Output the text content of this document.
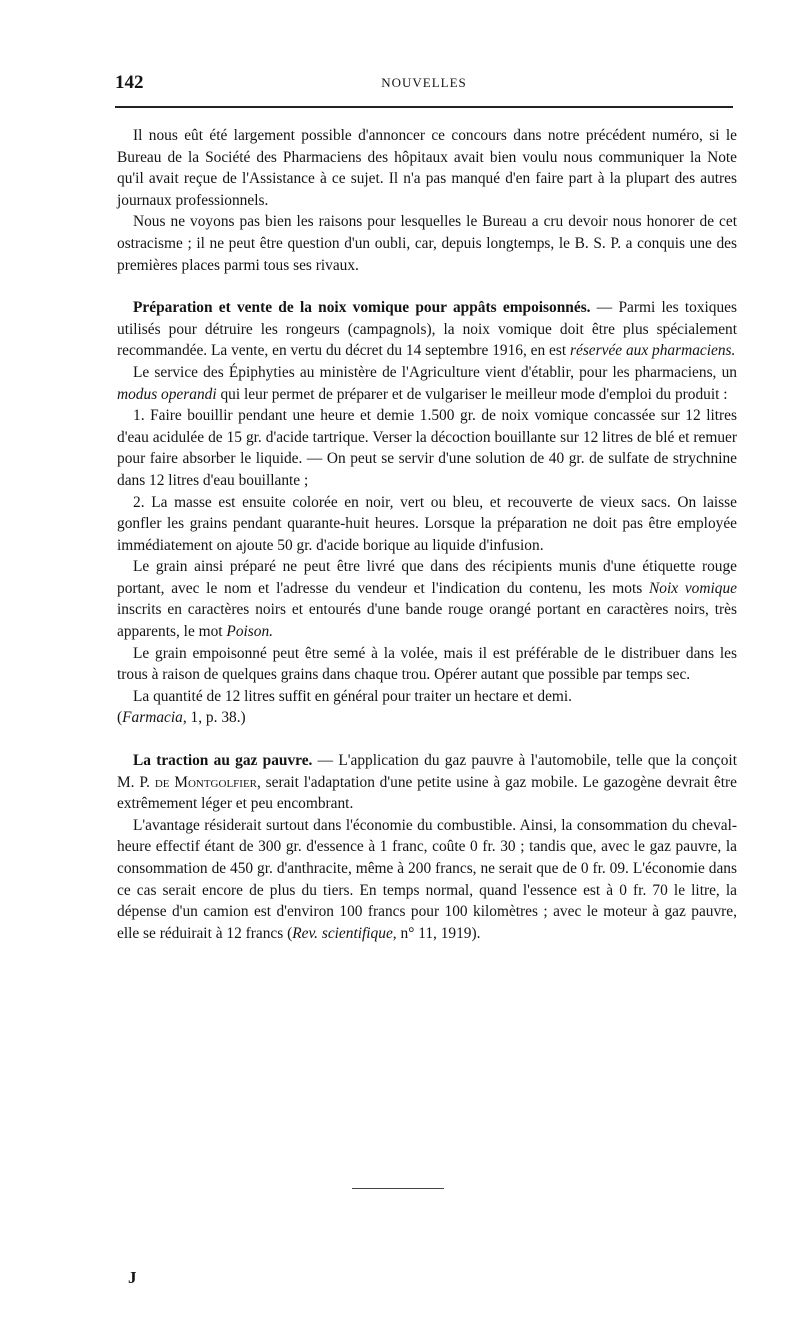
142	NOUVELLES

Il nous eût été largement possible d'annoncer ce concours dans notre précédent numéro, si le Bureau de la Société des Pharmaciens des hôpitaux avait bien voulu nous communiquer la Note qu'il avait reçue de l'Assistance à ce sujet. Il n'a pas manqué d'en faire part à la plupart des autres journaux professionnels.

Nous ne voyons pas bien les raisons pour lesquelles le Bureau a cru devoir nous honorer de cet ostracisme ; il ne peut être question d'un oubli, car, depuis longtemps, le B. S. P. a conquis une des premières places parmi tous ses rivaux.

Préparation et vente de la noix vomique pour appâts empoisonnés. — Parmi les toxiques utilisés pour détruire les rongeurs (campagnols), la noix vomique doit être plus spécialement recommandée. La vente, en vertu du décret du 14 septembre 1916, en est réservée aux pharmaciens.

Le service des Épiphyties au ministère de l'Agriculture vient d'établir, pour les pharmaciens, un modus operandi qui leur permet de préparer et de vulgariser le meilleur mode d'emploi du produit :

1. Faire bouillir pendant une heure et demie 1.500 gr. de noix vomique concassée sur 12 litres d'eau acidulée de 15 gr. d'acide tartrique. Verser la décoction bouillante sur 12 litres de blé et remuer pour faire absorber le liquide. — On peut se servir d'une solution de 40 gr. de sulfate de strychnine dans 12 litres d'eau bouillante ;

2. La masse est ensuite colorée en noir, vert ou bleu, et recouverte de vieux sacs. On laisse gonfler les grains pendant quarante-huit heures. Lorsque la préparation ne doit pas être employée immédiatement on ajoute 50 gr. d'acide borique au liquide d'infusion.

Le grain ainsi préparé ne peut être livré que dans des récipients munis d'une étiquette rouge portant, avec le nom et l'adresse du vendeur et l'indication du contenu, les mots Noix vomique inscrits en caractères noirs et entourés d'une bande rouge orangé portant en caractères noirs, très apparents, le mot Poison.

Le grain empoisonné peut être semé à la volée, mais il est préférable de le distribuer dans les trous à raison de quelques grains dans chaque trou. Opérer autant que possible par temps sec.

La quantité de 12 litres suffit en général pour traiter un hectare et demi.
(Farmacia, 1, p. 38.)

La traction au gaz pauvre. — L'application du gaz pauvre à l'automobile, telle que la conçoit M. P. de Montgolfier, serait l'adaptation d'une petite usine à gaz mobile. Le gazogène devrait être extrêmement léger et peu encombrant.

L'avantage résiderait surtout dans l'économie du combustible. Ainsi, la consommation du cheval-heure effectif étant de 300 gr. d'essence à 1 franc, coûte 0 fr. 30 ; tandis que, avec le gaz pauvre, la consommation de 450 gr. d'anthracite, même à 200 francs, ne serait que de 0 fr. 09. L'économie dans ce cas serait encore de plus du tiers. En temps normal, quand l'essence est à 0 fr. 70 le litre, la dépense d'un camion est d'environ 100 francs pour 100 kilomètres ; avec le moteur à gaz pauvre, elle se réduirait à 12 francs (Rev. scientifique, n° 11, 1919).

J
